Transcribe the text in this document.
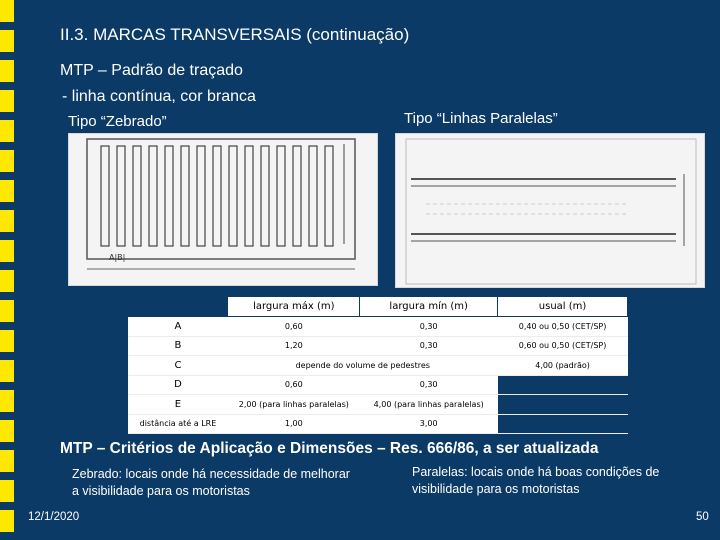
II.3. MARCAS TRANSVERSAIS (continuação)
MTP – Padrão de traçado
- linha contínua, cor branca
Tipo “Zebrado”	Tipo “Linhas Paralelas”
A|B|
	largura máx (m)	largura mín (m)	usual (m)
A	0,60	0,30	0,40 ou 0,50 (CET/SP)
B	1,20	0,30	0,60 ou 0,50 (CET/SP)
C	depende do volume de pedestres		4,00 (padrão)
D	0,60	0,30	
E	2,00 (para linhas paralelas)	4,00 (para linhas paralelas)	
distância até a LRE	1,00	3,00	
MTP – Critérios de Aplicação e Dimensões – Res. 666/86, a ser atualizada
Zebrado: locais onde há necessidade de melhorar a visibilidade para os motoristas
Paralelas: locais onde há boas condições de visibilidade para os motoristas
12/1/2020	50
